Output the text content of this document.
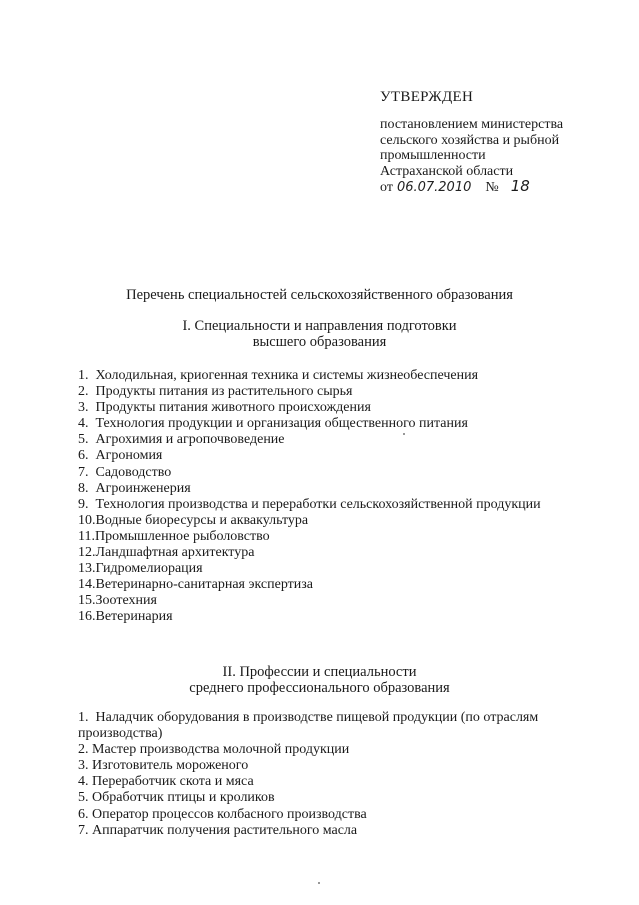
УТВЕРЖДЕН
постановлением министерства
сельского хозяйства и рыбной
промышленности
Астраханской области
от 06.07.2010 № 18
Перечень специальностей сельскохозяйственного образования
I. Специальности и направления подготовки
высшего образования
1.  Холодильная, криогенная техника и системы жизнеобеспечения
2.  Продукты питания из растительного сырья
3.  Продукты питания животного происхождения
4.  Технология продукции и организация общественного питания
5.  Агрохимия и агропочвоведение
6.  Агрономия
7.  Садоводство
8.  Агроинженерия
9.  Технология производства и переработки сельскохозяйственной продукции
10.Водные биоресурсы и аквакультура
11.Промышленное рыболовство
12.Ландшафтная архитектура
13.Гидромелиорация
14.Ветеринарно-санитарная экспертиза
15.Зоотехния
16.Ветеринария
II. Профессии и специальности
среднего профессионального образования
1.  Наладчик оборудования в производстве пищевой продукции (по отраслям производства)
2. Мастер производства молочной продукции
3. Изготовитель мороженого
4. Переработчик скота и мяса
5. Обработчик птицы и кроликов
6. Оператор процессов колбасного производства
7. Аппаратчик получения растительного масла
